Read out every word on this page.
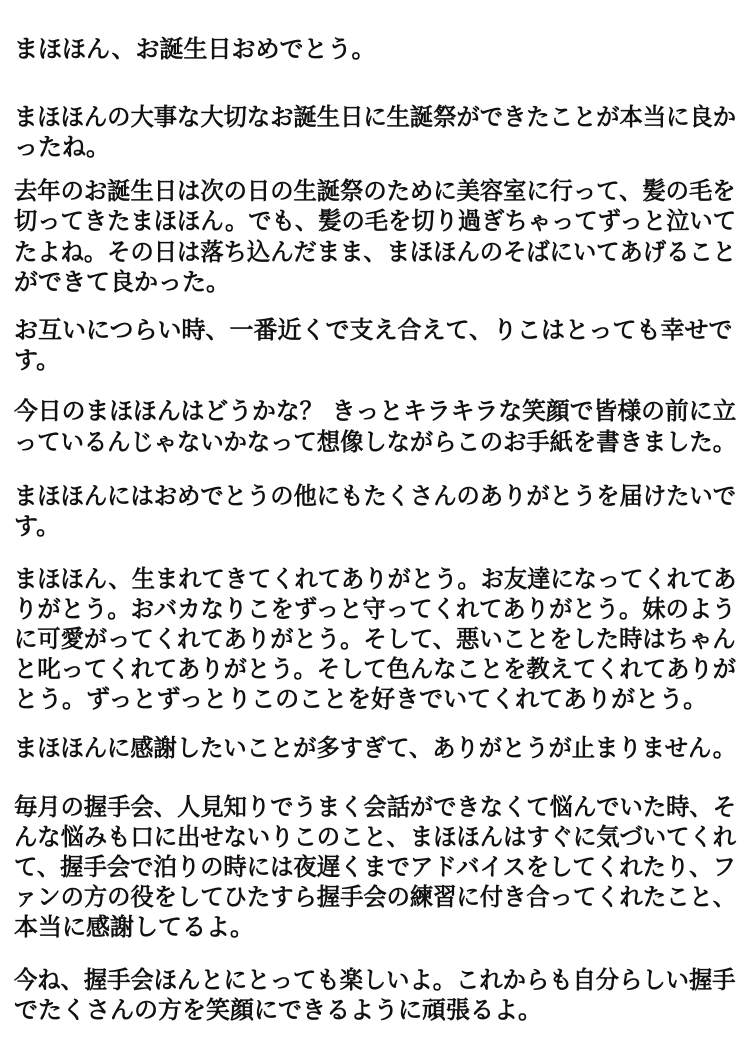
まほほん、お誕生日おめでとう。
まほほんの大事な大切なお誕生日に生誕祭ができたことが本当に良か
ったね。
去年のお誕生日は次の日の生誕祭のために美容室に行って、髪の毛を
切ってきたまほほん。でも、髪の毛を切り過ぎちゃってずっと泣いて
たよね。その日は落ち込んだまま、まほほんのそばにいてあげること
ができて良かった。
お互いにつらい時、一番近くで支え合えて、りこはとっても幸せで
す。
今日のまほほんはどうかな？ きっとキラキラな笑顔で皆様の前に立
っているんじゃないかなって想像しながらこのお手紙を書きました。
まほほんにはおめでとうの他にもたくさんのありがとうを届けたいで
す。
まほほん、生まれてきてくれてありがとう。お友達になってくれてあ
りがとう。おバカなりこをずっと守ってくれてありがとう。妹のよう
に可愛がってくれてありがとう。そして、悪いことをした時はちゃん
と叱ってくれてありがとう。そして色んなことを教えてくれてありが
とう。ずっとずっとりこのことを好きでいてくれてありがとう。
まほほんに感謝したいことが多すぎて、ありがとうが止まりません。
毎月の握手会、人見知りでうまく会話ができなくて悩んでいた時、そ
んな悩みも口に出せないりこのこと、まほほんはすぐに気づいてくれ
て、握手会で泊りの時には夜遅くまでアドバイスをしてくれたり、フ
ァンの方の役をしてひたすら握手会の練習に付き合ってくれたこと、
本当に感謝してるよ。
今ね、握手会ほんとにとっても楽しいよ。これからも自分らしい握手
でたくさんの方を笑顔にできるように頑張るよ。
